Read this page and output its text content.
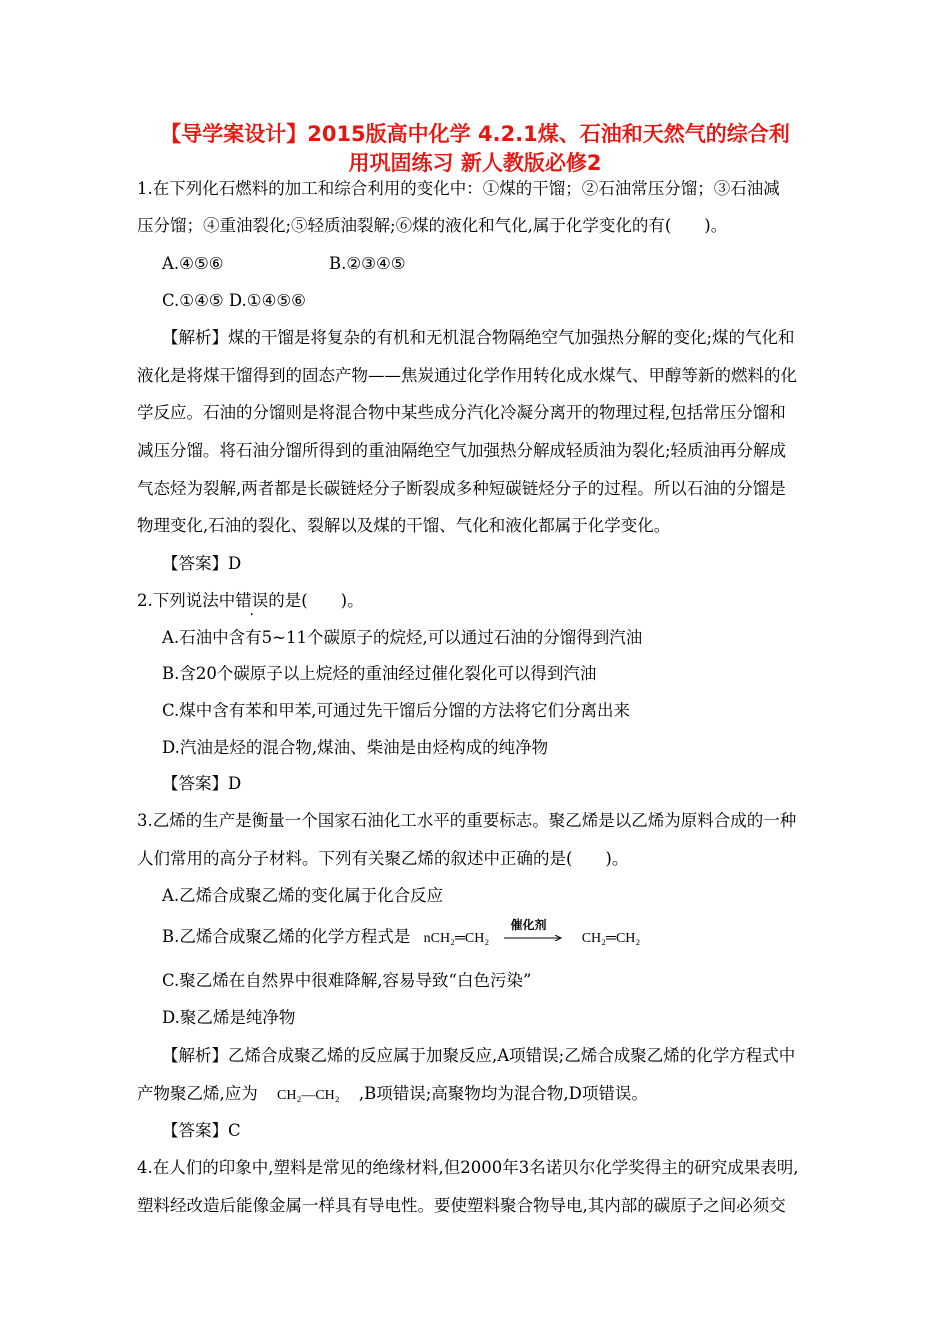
【导学案设计】2015版高中化学 4.2.1煤、石油和天然气的综合利
用巩固练习 新人教版必修2
1.在下列化石燃料的加工和综合利用的变化中：①煤的干馏；②石油常压分馏；③石油减
压分馏；④重油裂化;⑤轻质油裂解;⑥煤的液化和气化,属于化学变化的有(　　)。
A.④⑤⑥	B.②③④⑤
C.①④⑤ D.①④⑤⑥
【解析】煤的干馏是将复杂的有机和无机混合物隔绝空气加强热分解的变化;煤的气化和
液化是将煤干馏得到的固态产物——焦炭通过化学作用转化成水煤气、甲醇等新的燃料的化
学反应。石油的分馏则是将混合物中某些成分汽化冷凝分离开的物理过程,包括常压分馏和
减压分馏。将石油分馏所得到的重油隔绝空气加强热分解成轻质油为裂化;轻质油再分解成
气态烃为裂解,两者都是长碳链烃分子断裂成多种短碳链烃分子的过程。所以石油的分馏是
物理变化,石油的裂化、裂解以及煤的干馏、气化和液化都属于化学变化。
【答案】D
2.下列说法中错误的是(　　)。
A.石油中含有5~11个碳原子的烷烃,可以通过石油的分馏得到汽油
B.含20个碳原子以上烷烃的重油经过催化裂化可以得到汽油
C.煤中含有苯和甲苯,可通过先干馏后分馏的方法将它们分离出来
D.汽油是烃的混合物,煤油、柴油是由烃构成的纯净物
【答案】D
3.乙烯的生产是衡量一个国家石油化工水平的重要标志。聚乙烯是以乙烯为原料合成的一种
人们常用的高分子材料。下列有关聚乙烯的叙述中正确的是(　　)。
A.乙烯合成聚乙烯的变化属于化合反应
B.乙烯合成聚乙烯的化学方程式是 nCH₂═CH₂
催化剂
CH₂═CH₂
C.聚乙烯在自然界中很难降解,容易导致“白色污染”
D.聚乙烯是纯净物
【解析】乙烯合成聚乙烯的反应属于加聚反应,A项错误;乙烯合成聚乙烯的化学方程式中
产物聚乙烯,应为 CH₂—CH₂ ,B项错误;高聚物均为混合物,D项错误。
【答案】C
4.在人们的印象中,塑料是常见的绝缘材料,但2000年3名诺贝尔化学奖得主的研究成果表明,
塑料经改造后能像金属一样具有导电性。要使塑料聚合物导电,其内部的碳原子之间必须交
